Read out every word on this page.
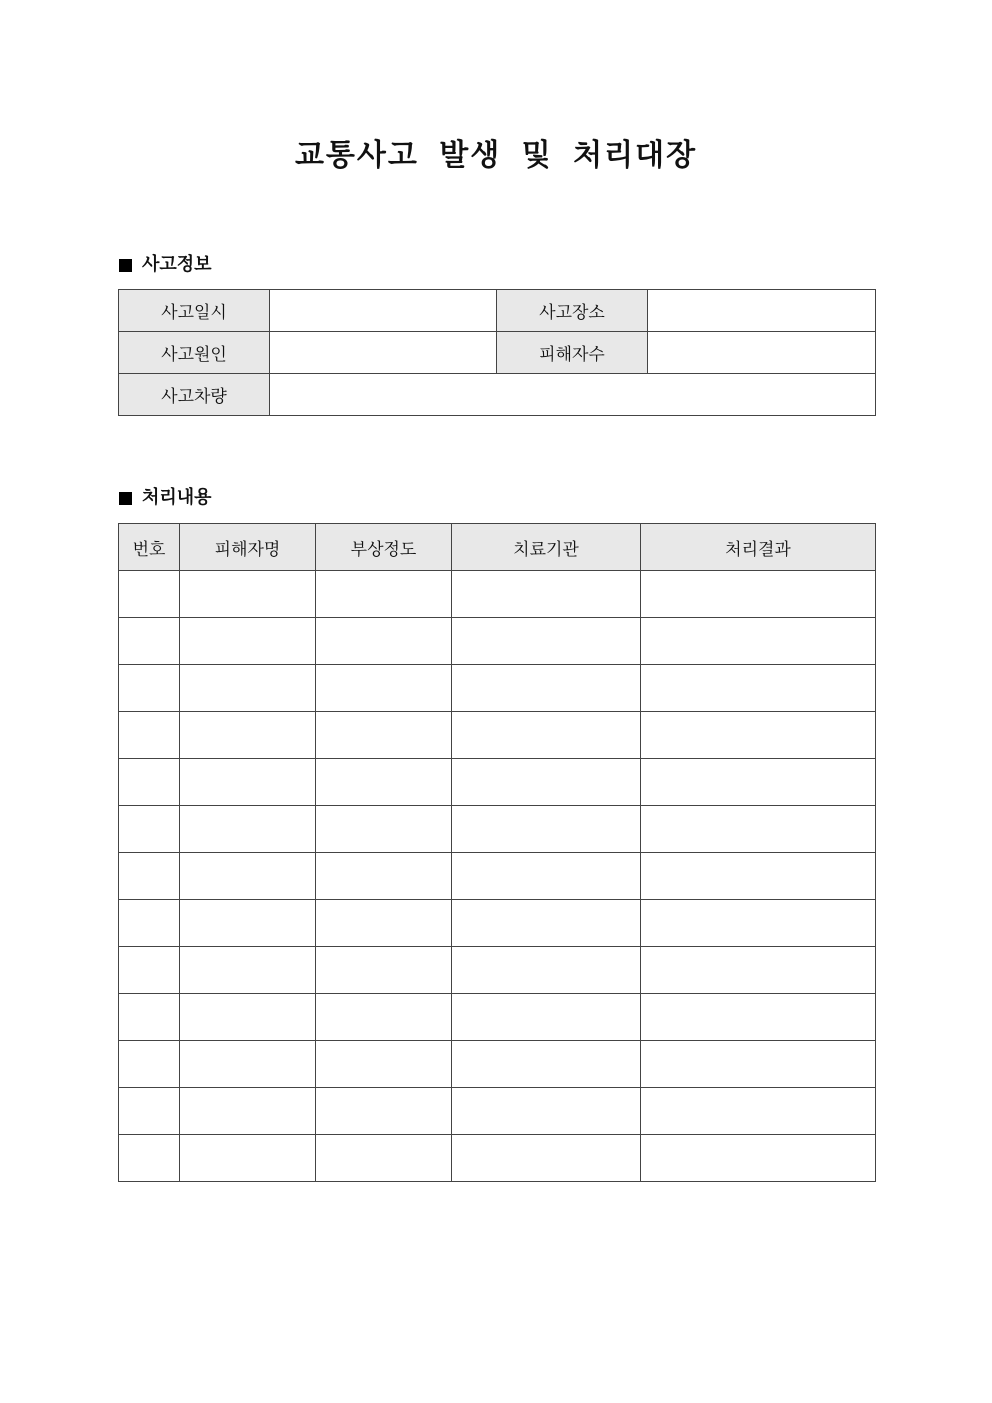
교통사고 발생 및 처리대장
사고정보
사고일시		사고장소	
사고원인		피해자수	
사고차량			
처리내용
번호	피해자명	부상정도	치료기관	처리결과
